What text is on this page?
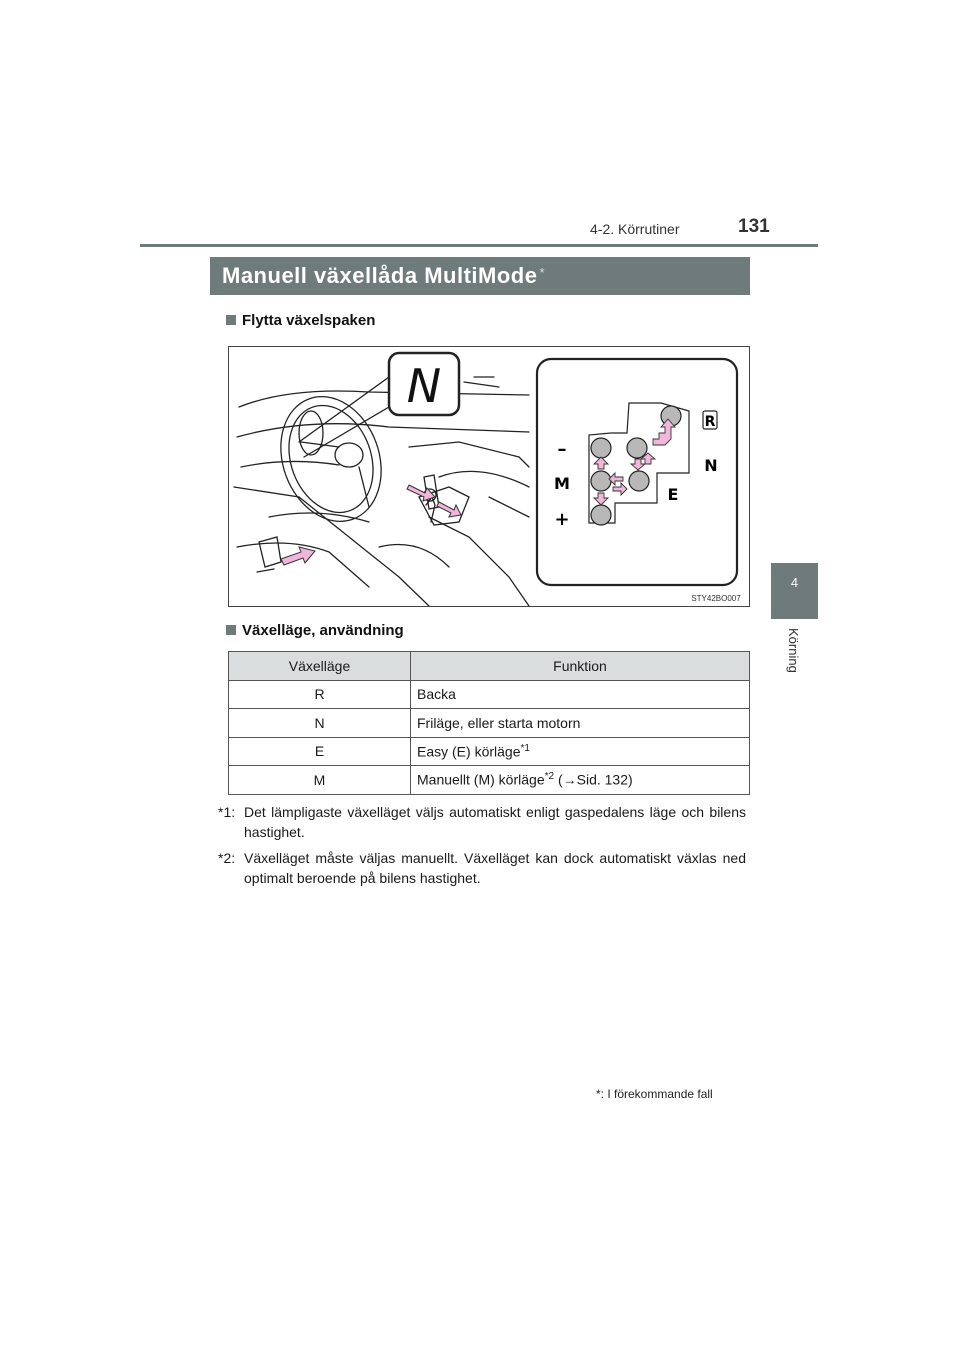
4-2. Körrutiner	131
4
Körning
Manuell växellåda MultiMode *
Flytta växelspaken
N
–
M
+
R
N
E
STY42BO007
Växelläge, användning
Växelläge	Funktion
R	Backa
N	Friläge, eller starta motorn
E	Easy (E) körläge$^{*1}$
M	Manuellt (M) körläge$^{*2}$ (→Sid. 132)
*1: Det lämpligaste växelläget väljs automatiskt enligt gaspedalens läge och bilens hastighet.
*2: Växelläget måste väljas manuellt. Växelläget kan dock automatiskt växlas ned optimalt beroende på bilens hastighet.
*: I förekommande fall
